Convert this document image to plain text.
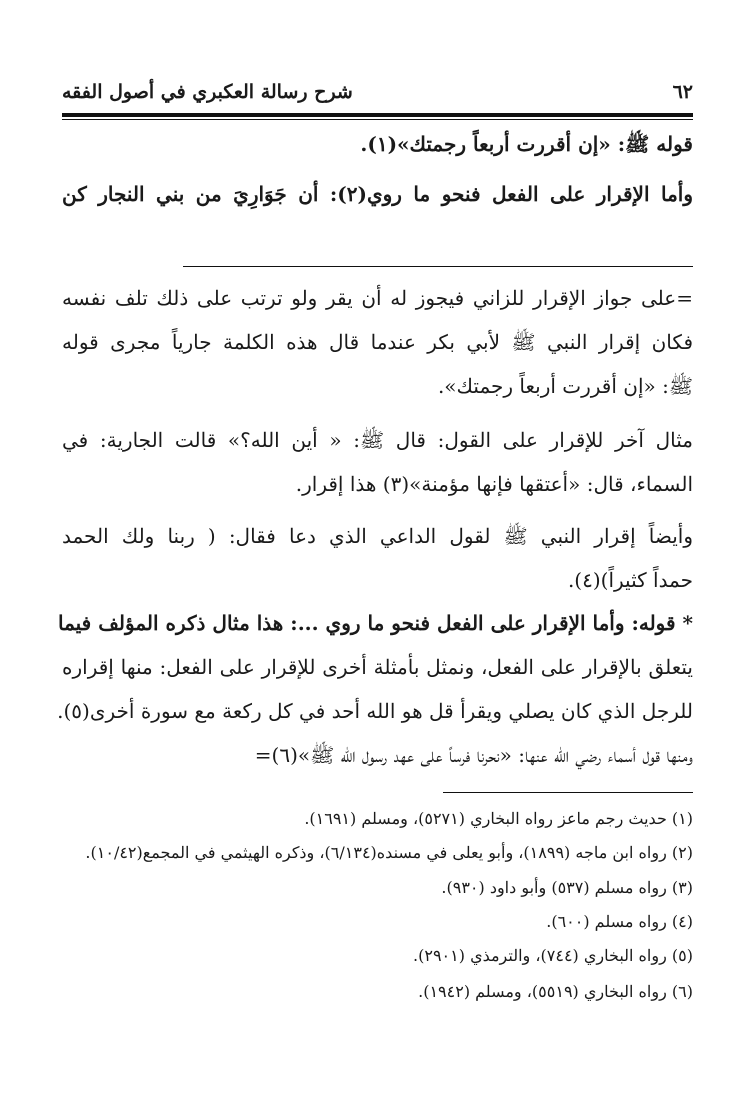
٦٢
شرح رسالة العكبري في أصول الفقه
قوله ﷺ: «إن أقررت أربعاً رجمتك»(١).
وأما الإقرار على الفعل فنحو ما روي(٢): أن جَوَارِيَ من بني النجار كن
=على جواز الإقرار للزاني فيجوز له أن يقر ولو ترتب على ذلك تلف نفسه
فكان إقرار النبي ﷺ لأبي بكر عندما قال هذه الكلمة جارياً مجرى قوله
ﷺ: «إن أقررت أربعاً رجمتك».
مثال آخر للإقرار على القول: قال ﷺ: « أين الله؟» قالت الجارية: في
السماء، قال: «أعتقها فإنها مؤمنة»(٣) هذا إقرار.
وأيضاً إقرار النبي ﷺ لقول الداعي الذي دعا فقال: ( ربنا ولك الحمد
حمداً كثيراً)(٤).
* قوله: وأما الإقرار على الفعل فنحو ما روي ...: هذا مثال ذكره المؤلف فيما
يتعلق بالإقرار على الفعل، ونمثل بأمثلة أخرى للإقرار على الفعل: منها إقراره
للرجل الذي كان يصلي ويقرأ قل هو الله أحد في كل ركعة مع سورة أخرى(٥).
ومنها قول أسماء رضي الله عنها: «نحرنا فرساً على عهد رسول الله ﷺ»(٦)=
(١) حديث رجم ماعز رواه البخاري (٥٢٧١)، ومسلم (١٦٩١).
(٢) رواه ابن ماجه (١٨٩٩)، وأبو يعلى في مسنده(٦/١٣٤)، وذكره الهيثمي في المجمع(١٠/٤٢).
(٣) رواه مسلم (٥٣٧) وأبو داود (٩٣٠).
(٤) رواه مسلم (٦٠٠).
(٥) رواه البخاري (٧٤٤)، والترمذي (٢٩٠١).
(٦) رواه البخاري (٥٥١٩)، ومسلم (١٩٤٢).
